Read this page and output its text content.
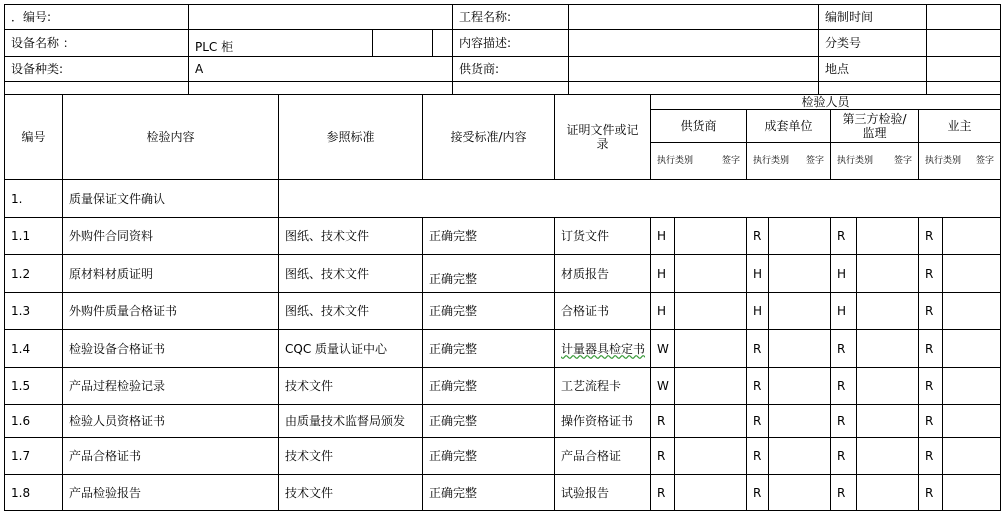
．编号:				工程名称:		编制时间	
设备名称 ：	PLC 柜			内容描述:		分类号	
设备种类:	A			供货商:		地点	

编号	检验内容	参照标准	接受标准/内容	证明文件或记录	检验人员							
					供货商		成套单位		第三方检验/监理		业主	

					执行类别 签字		执行类别 签字		执行类别 签字		执行类别 签字	

1.	质量保证文件确认											
1.1	外购件合同资料	图纸、技术文件	正确完整	订货文件	H		R		R		R	
1.2	原材料材质证明	图纸、技术文件	正确完整	材质报告	H		H		H		R	
1.3	外购件质量合格证书	图纸、技术文件	正确完整	合格证书	H		H		H		R	
1.4	检验设备合格证书	CQC 质量认证中心	正确完整	计量器具检定书	W		R		R		R	
1.5	产品过程检验记录	技术文件	正确完整	工艺流程卡	W		R		R		R	
1.6	检验人员资格证书	由质量技术监督局颁发	正确完整	操作资格证书	R		R		R		R	
1.7	产品合格证书	技术文件	正确完整	产品合格证	R		R		R		R	
1.8	产品检验报告	技术文件	正确完整	试验报告	R		R		R		R	
